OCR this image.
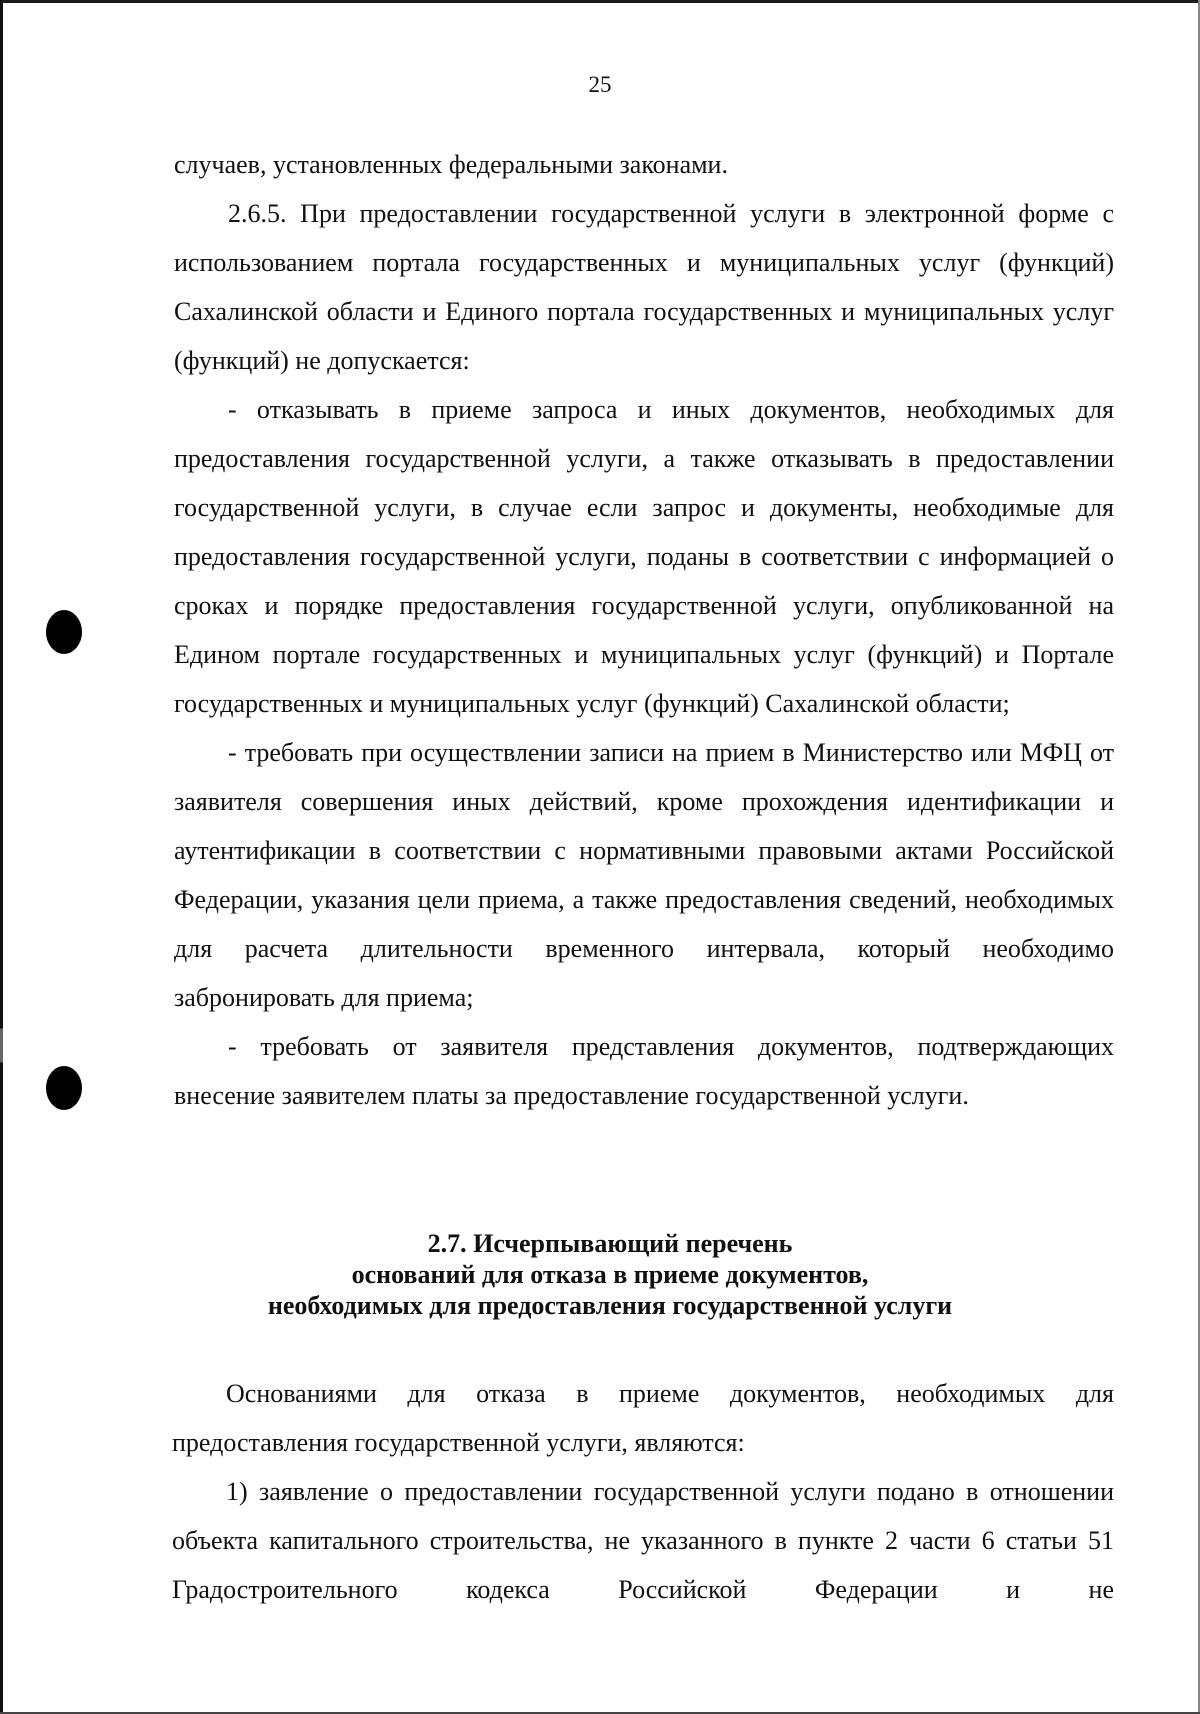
25

случаев, установленных федеральными законами.

2.6.5. При предоставлении государственной услуги в электронной форме с использованием портала государственных и муниципальных услуг (функций) Сахалинской области и Единого портала государственных и муниципальных услуг (функций) не допускается:

- отказывать в приеме запроса и иных документов, необходимых для предоставления государственной услуги, а также отказывать в предоставлении государственной услуги, в случае если запрос и документы, необходимые для предоставления государственной услуги, поданы в соответствии с информацией о сроках и порядке предоставления государственной услуги, опубликованной на Едином портале государственных и муниципальных услуг (функций) и Портале государственных и муниципальных услуг (функций) Сахалинской области;

- требовать при осуществлении записи на прием в Министерство или МФЦ от заявителя совершения иных действий, кроме прохождения идентификации и аутентификации в соответствии с нормативными правовыми актами Российской Федерации, указания цели приема, а также предоставления сведений, необходимых для расчета длительности временного интервала, который необходимо забронировать для приема;

- требовать от заявителя представления документов, подтверждающих внесение заявителем платы за предоставление государственной услуги.

2.7. Исчерпывающий перечень
оснований для отказа в приеме документов,
необходимых для предоставления государственной услуги

Основаниями для отказа в приеме документов, необходимых для предоставления государственной услуги, являются:

1) заявление о предоставлении государственной услуги подано в отношении объекта капитального строительства, не указанного в пункте 2 части 6 статьи 51 Градостроительного кодекса Российской Федерации и не
